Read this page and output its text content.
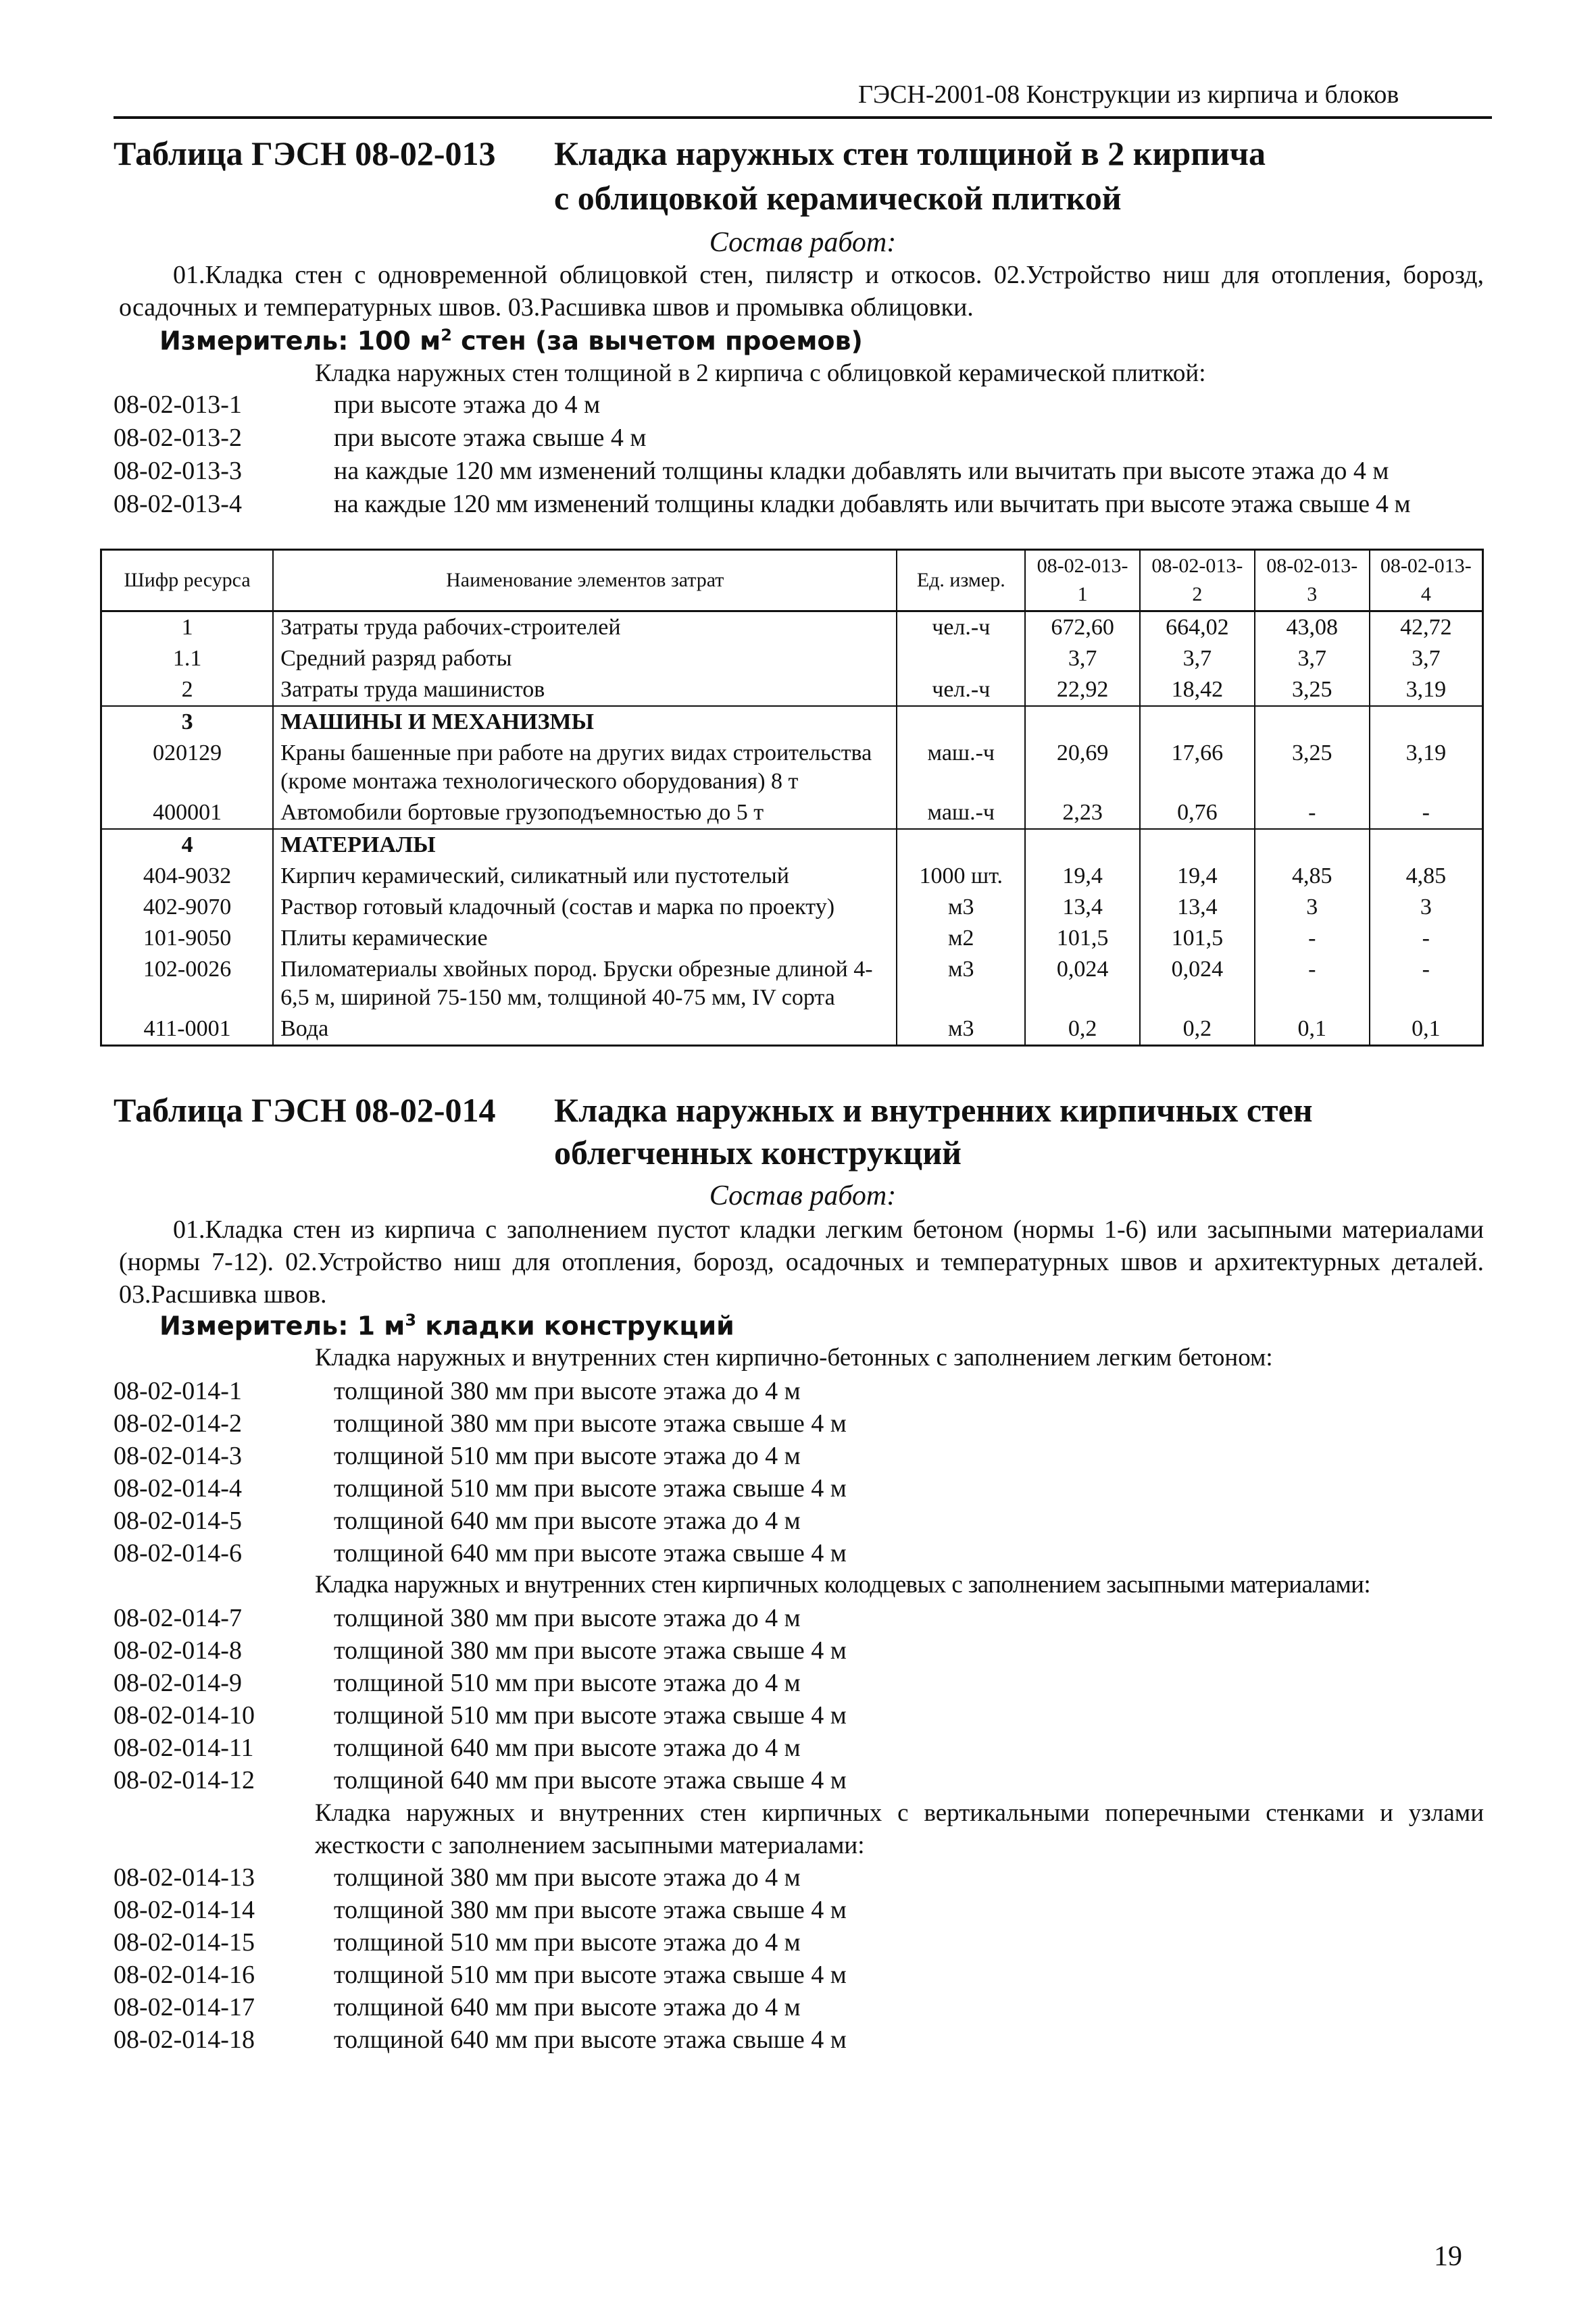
ГЭСН-2001-08 Конструкции из кирпича и блоков
Таблица ГЭСН 08-02-013 Кладка наружных стен толщиной в 2 кирпича
с облицовкой керамической плиткой
Состав работ:
01.Кладка стен с одновременной облицовкой стен, пилястр и откосов. 02.Устройство ниш для отопления, борозд, осадочных и температурных швов. 03.Расшивка швов и промывка облицовки.
Измеритель: 100 $м^2$ стен (за вычетом проемов)
Кладка наружных стен толщиной в 2 кирпича с облицовкой керамической плиткой:
08-02-013-1	при высоте этажа до 4 м
08-02-013-2	при высоте этажа свыше 4 м
08-02-013-3	на каждые 120 мм изменений толщины кладки добавлять или вычитать при высоте этажа до 4 м
08-02-013-4	на каждые 120 мм изменений толщины кладки добавлять или вычитать при высоте этажа свыше 4 м
Шифр ресурса	Наименование элементов затрат	Ед. измер.	08-02-013-1	08-02-013-2	08-02-013-3	08-02-013-4
1	Затраты труда рабочих-строителей	чел.-ч	672,60	664,02	43,08	42,72
1.1	Средний разряд работы		3,7	3,7	3,7	3,7
2	Затраты труда машинистов	чел.-ч	22,92	18,42	3,25	3,19
3	МАШИНЫ И МЕХАНИЗМЫ					
020129	Краны башенные при работе на других видах строительства (кроме монтажа технологического оборудования) 8 т	маш.-ч	20,69	17,66	3,25	3,19
400001	Автомобили бортовые грузоподъемностью до 5 т	маш.-ч	2,23	0,76	-	-
4	МАТЕРИАЛЫ					
404-9032	Кирпич керамический, силикатный или пустотелый	1000 шт.	19,4	19,4	4,85	4,85
402-9070	Раствор готовый кладочный (состав и марка по проекту)	м3	13,4	13,4	3	3
101-9050	Плиты керамические	м2	101,5	101,5	-	-
102-0026	Пиломатериалы хвойных пород. Бруски обрезные длиной 4-6,5 м, шириной 75-150 мм, толщиной 40-75 мм, IV сорта	м3	0,024	0,024	-	-
411-0001	Вода	м3	0,2	0,2	0,1	0,1
Таблица ГЭСН 08-02-014 Кладка наружных и внутренних кирпичных стен
облегченных конструкций
Состав работ:
01.Кладка стен из кирпича с заполнением пустот кладки легким бетоном (нормы 1-6) или засыпными материалами (нормы 7-12). 02.Устройство ниш для отопления, борозд, осадочных и температурных швов и архитектурных деталей. 03.Расшивка швов.
Измеритель: 1 $м^3$ кладки конструкций
Кладка наружных и внутренних стен кирпично-бетонных с заполнением легким бетоном:
08-02-014-1	толщиной 380 мм при высоте этажа до 4 м
08-02-014-2	толщиной 380 мм при высоте этажа свыше 4 м
08-02-014-3	толщиной 510 мм при высоте этажа до 4 м
08-02-014-4	толщиной 510 мм при высоте этажа свыше 4 м
08-02-014-5	толщиной 640 мм при высоте этажа до 4 м
08-02-014-6	толщиной 640 мм при высоте этажа свыше 4 м
Кладка наружных и внутренних стен кирпичных колодцевых с заполнением засыпными материалами:
08-02-014-7	толщиной 380 мм при высоте этажа до 4 м
08-02-014-8	толщиной 380 мм при высоте этажа свыше 4 м
08-02-014-9	толщиной 510 мм при высоте этажа до 4 м
08-02-014-10	толщиной 510 мм при высоте этажа свыше 4 м
08-02-014-11	толщиной 640 мм при высоте этажа до 4 м
08-02-014-12	толщиной 640 мм при высоте этажа свыше 4 м
Кладка наружных и внутренних стен кирпичных с вертикальными поперечными стенками и узлами жесткости с заполнением засыпными материалами:
08-02-014-13	толщиной 380 мм при высоте этажа до 4 м
08-02-014-14	толщиной 380 мм при высоте этажа свыше 4 м
08-02-014-15	толщиной 510 мм при высоте этажа до 4 м
08-02-014-16	толщиной 510 мм при высоте этажа свыше 4 м
08-02-014-17	толщиной 640 мм при высоте этажа до 4 м
08-02-014-18	толщиной 640 мм при высоте этажа свыше 4 м
19
